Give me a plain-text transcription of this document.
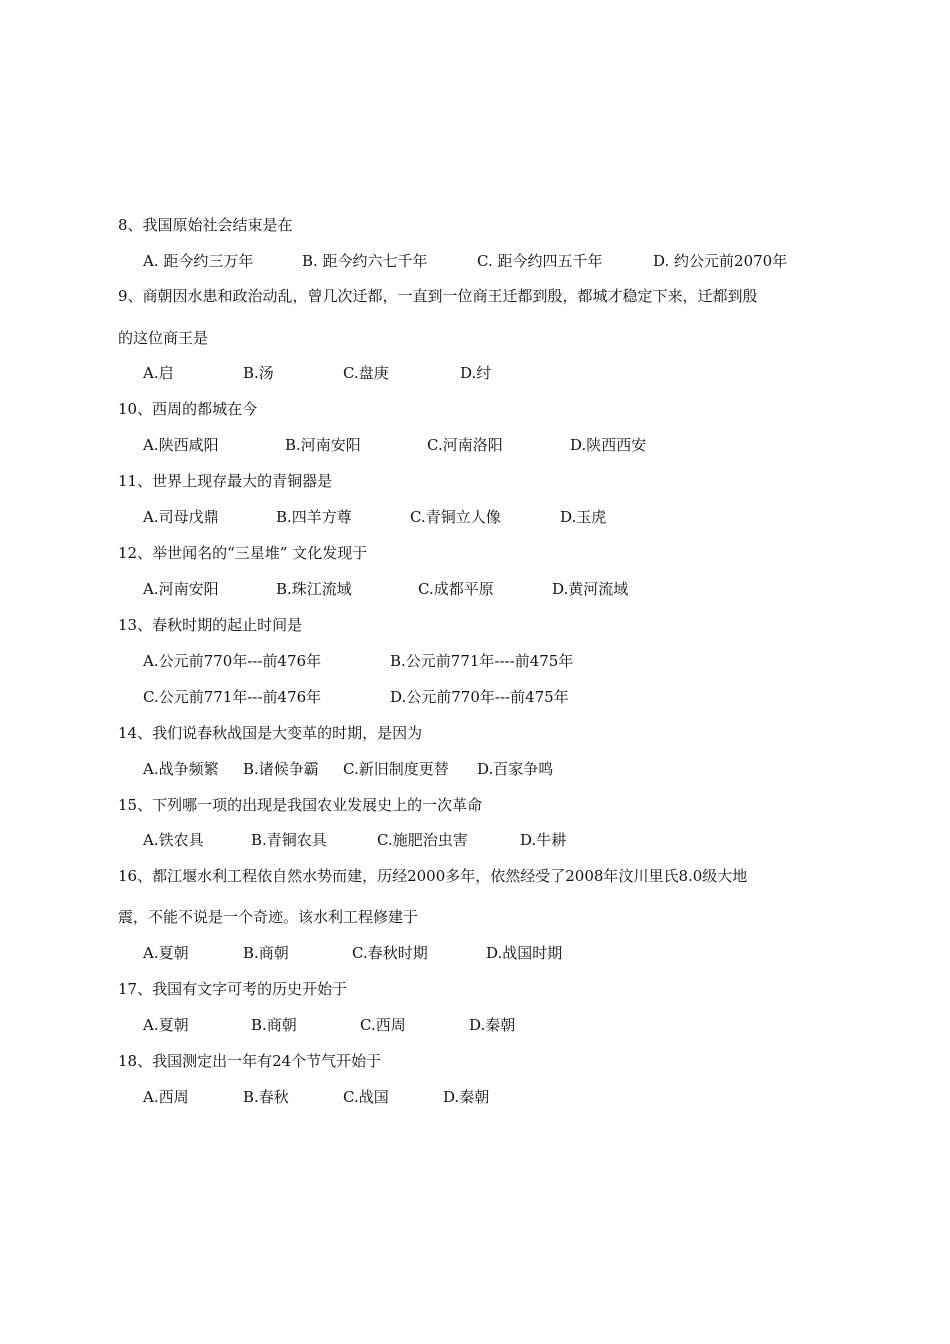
8、我国原始社会结束是在
A. 距今约三万年	B. 距今约六七千年	C. 距今约四五千年	D. 约公元前2070年
9、商朝因水患和政治动乱，曾几次迁都，一直到一位商王迁都到殷，都城才稳定下来，迁都到殷
的这位商王是
A.启	B.汤	C.盘庚	D.纣
10、西周的都城在今
A.陕西咸阳	B.河南安阳	C.河南洛阳	D.陕西西安
11、世界上现存最大的青铜器是
A.司母戊鼎	B.四羊方尊	C.青铜立人像	D.玉虎
12、举世闻名的“三星堆” 文化发现于
A.河南安阳	B.珠江流域	C.成都平原	D.黄河流域
13、春秋时期的起止时间是
A.公元前770年---前476年	B.公元前771年----前475年
C.公元前771年---前476年	D.公元前770年---前475年
14、我们说春秋战国是大变革的时期，是因为
A.战争频繁 B.诸候争霸 C.新旧制度更替 D.百家争鸣
15、下列哪一项的出现是我国农业发展史上的一次革命
A.铁农具	B.青铜农具	C.施肥治虫害	D.牛耕
16、都江堰水利工程依自然水势而建，历经2000多年，依然经受了2008年汶川里氏8.0级大地
震，不能不说是一个奇迹。该水利工程修建于
A.夏朝	B.商朝	C.春秋时期	D.战国时期
17、我国有文字可考的历史开始于
A.夏朝	B.商朝	C.西周	D.秦朝
18、我国测定出一年有24个节气开始于
A.西周	B.春秋	C.战国	D.秦朝
